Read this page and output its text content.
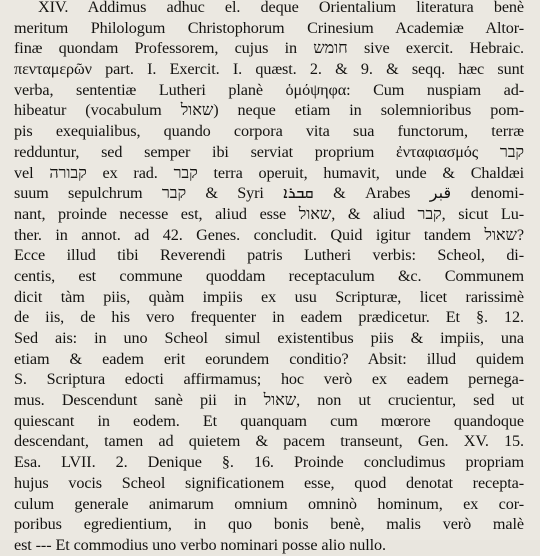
XIV. Addimus adhuc el. deque Orientalium literatura benè
meritum Philologum Christophorum Crinesium Academiæ Altor-
finæ quondam Professorem, cujus in חומש sive exercit. Hebraic.
πενταμερῶν part. I. Exercit. I. quæst. 2. & 9. & seqq. hæc sunt
verba, sententiæ Lutheri planè ὁμόψηφα: Cum nuspiam ad-
hibeatur (vocabulum שאול) neque etiam in solemnioribus pom-
pis exequialibus, quando corpora vita sua functorum, terræ
redduntur, sed semper ibi serviat proprium ἐνταφιασμός קבר
vel קבורה ex rad. קבר terra operuit, humavit, unde & Chaldæi
suum sepulchrum קבר & Syri ܩܒܪܐ & Arabes قبر denomi-
nant, proinde necesse est, aliud esse שאול, & aliud קבר, sicut Lu-
ther. in annot. ad 42. Genes. concludit. Quid igitur tandem שאול?
Ecce illud tibi Reverendi patris Lutheri verbis: Scheol, di-
centis, est commune quoddam receptaculum &c. Communem
dicit tàm piis, quàm impiis ex usu Scripturæ, licet rarissimè
de iis, de his vero frequenter in eadem prædicetur. Et §. 12.
Sed ais: in uno Scheol simul existentibus piis & impiis, una
etiam & eadem erit eorundem conditio? Absit: illud quidem
S. Scriptura edocti affirmamus; hoc verò ex eadem pernega-
mus. Descendunt sanè pii in שאול, non ut crucientur, sed ut
quiescant in eodem. Et quanquam cum mœrore quandoque
descendant, tamen ad quietem & pacem transeunt, Gen. XV. 15.
Esa. LVII. 2. Denique §. 16. Proinde concludimus propriam
hujus vocis Scheol significationem esse, quod denotat recepta-
culum generale animarum omnium omninò hominum, ex cor-
poribus egredientium, in quo bonis benè, malis verò malè
est --- Et commodius uno verbo nominari posse alio nullo.
